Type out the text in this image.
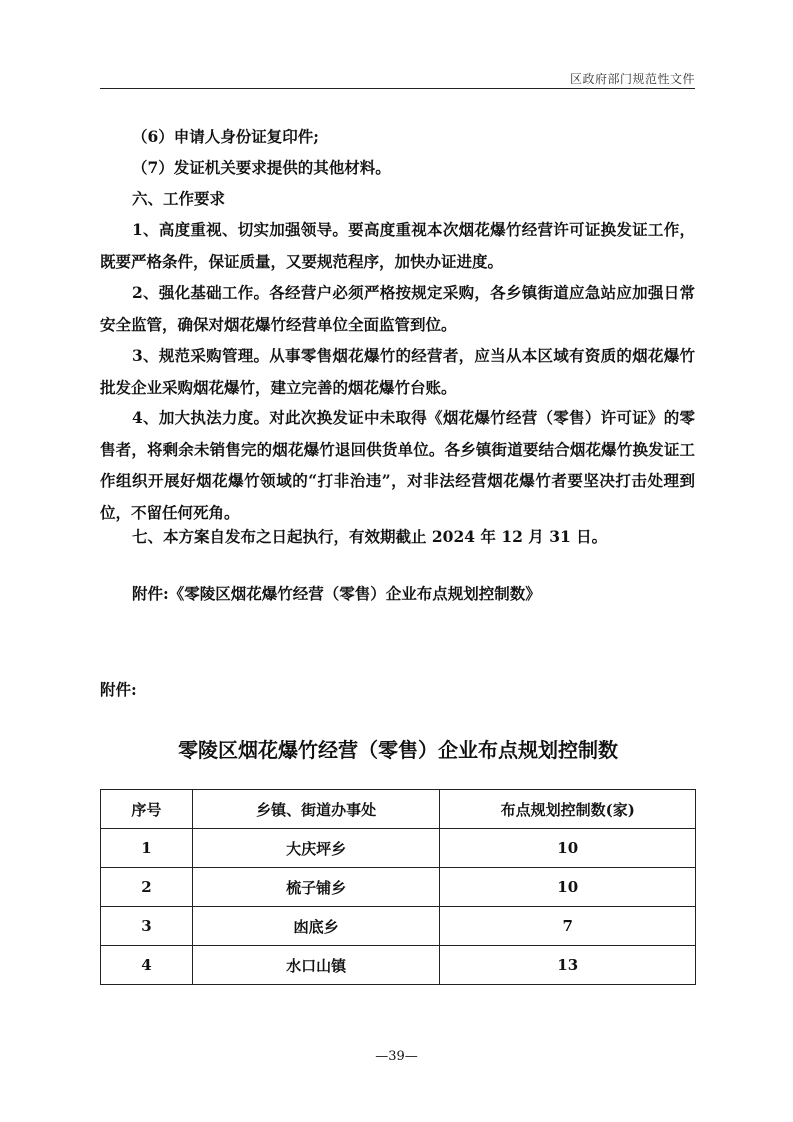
区政府部门规范性文件

（6）申请人身份证复印件;

（7）发证机关要求提供的其他材料。

六、工作要求

1、高度重视、切实加强领导。要高度重视本次烟花爆竹经营许可证换发证工作，既要严格条件，保证质量，又要规范程序，加快办证进度。

2、强化基础工作。各经营户必须严格按规定采购，各乡镇街道应急站应加强日常安全监管，确保对烟花爆竹经营单位全面监管到位。

3、规范采购管理。从事零售烟花爆竹的经营者，应当从本区域有资质的烟花爆竹批发企业采购烟花爆竹，建立完善的烟花爆竹台账。

4、加大执法力度。对此次换发证中未取得《烟花爆竹经营（零售）许可证》的零售者，将剩余未销售完的烟花爆竹退回供货单位。各乡镇街道要结合烟花爆竹换发证工作组织开展好烟花爆竹领域的“打非治违”，对非法经营烟花爆竹者要坚决打击处理到位，不留任何死角。

七、本方案自发布之日起执行，有效期截止 2024 年 12 月 31 日。

附件:《零陵区烟花爆竹经营（零售）企业布点规划控制数》

附件:
零陵区烟花爆竹经营（零售）企业布点规划控制数
序号	乡镇、街道办事处	布点规划控制数(家)
1	大庆坪乡	10
2	梳子铺乡	10
3	凼底乡	7
4	水口山镇	13
—39—
